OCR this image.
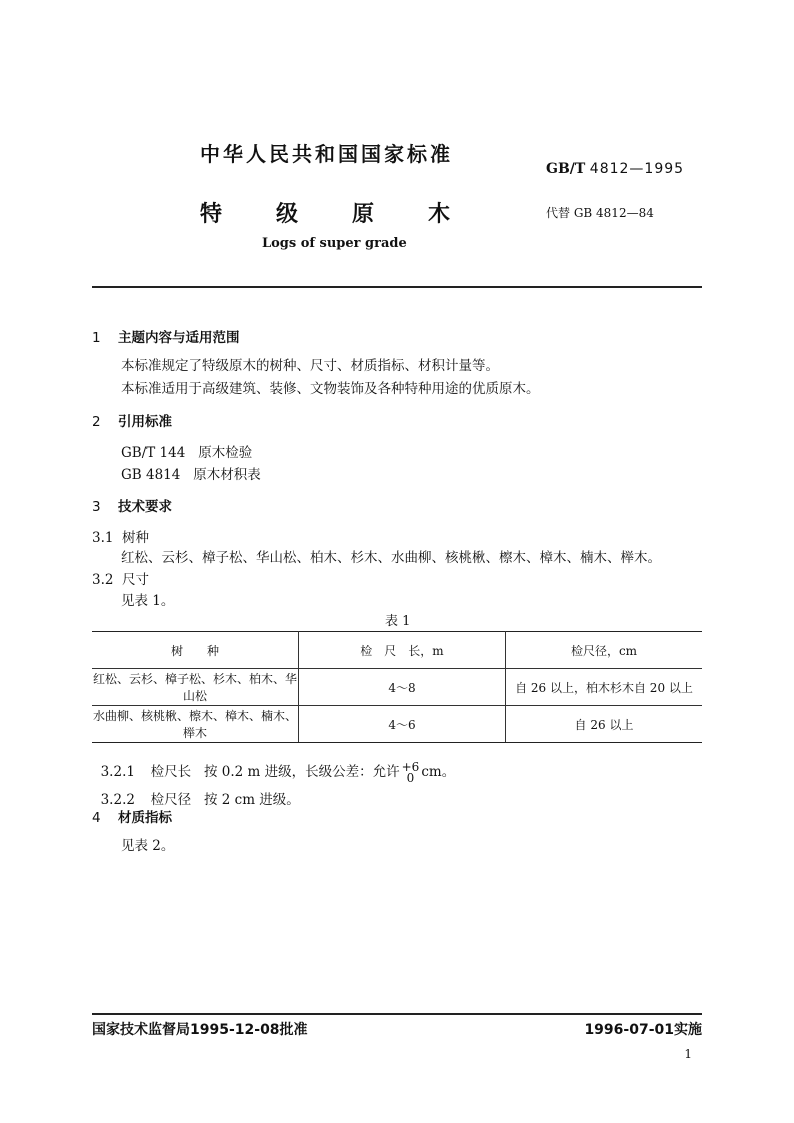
中华人民共和国国家标准
GB/T 4812—1995
特 级 原 木	代替 GB 4812—84
Logs of super grade
1 主题内容与适用范围
本标准规定了特级原木的树种、尺寸、材质指标、材积计量等。
本标准适用于高级建筑、装修、文物装饰及各种特种用途的优质原木。
2 引用标准
GB/T 144   原木检验
GB 4814   原木材积表
3 技术要求
3.1 树种
红松、云杉、樟子松、华山松、柏木、杉木、水曲柳、核桃楸、檫木、樟木、楠木、榉木。
3.2 尺寸
见表 1。
表 1
树　　种	检　尺　长，m	检尺径，cm
红松、云杉、樟子松、杉木、柏木、华山松	4～8	自 26 以上，柏木杉木自 20 以上
水曲柳、核桃楸、檫木、樟木、楠木、榉木	4～6	自 26 以上

3.2.1 检尺长   按 0.2 m 进级，长级公差：允许 +6
0 cm。

3.2.2 检尺径   按 2 cm 进级。

4 材质指标
见表 2。
国家技术监督局1995-12-08批准	1996-07-01实施
1
